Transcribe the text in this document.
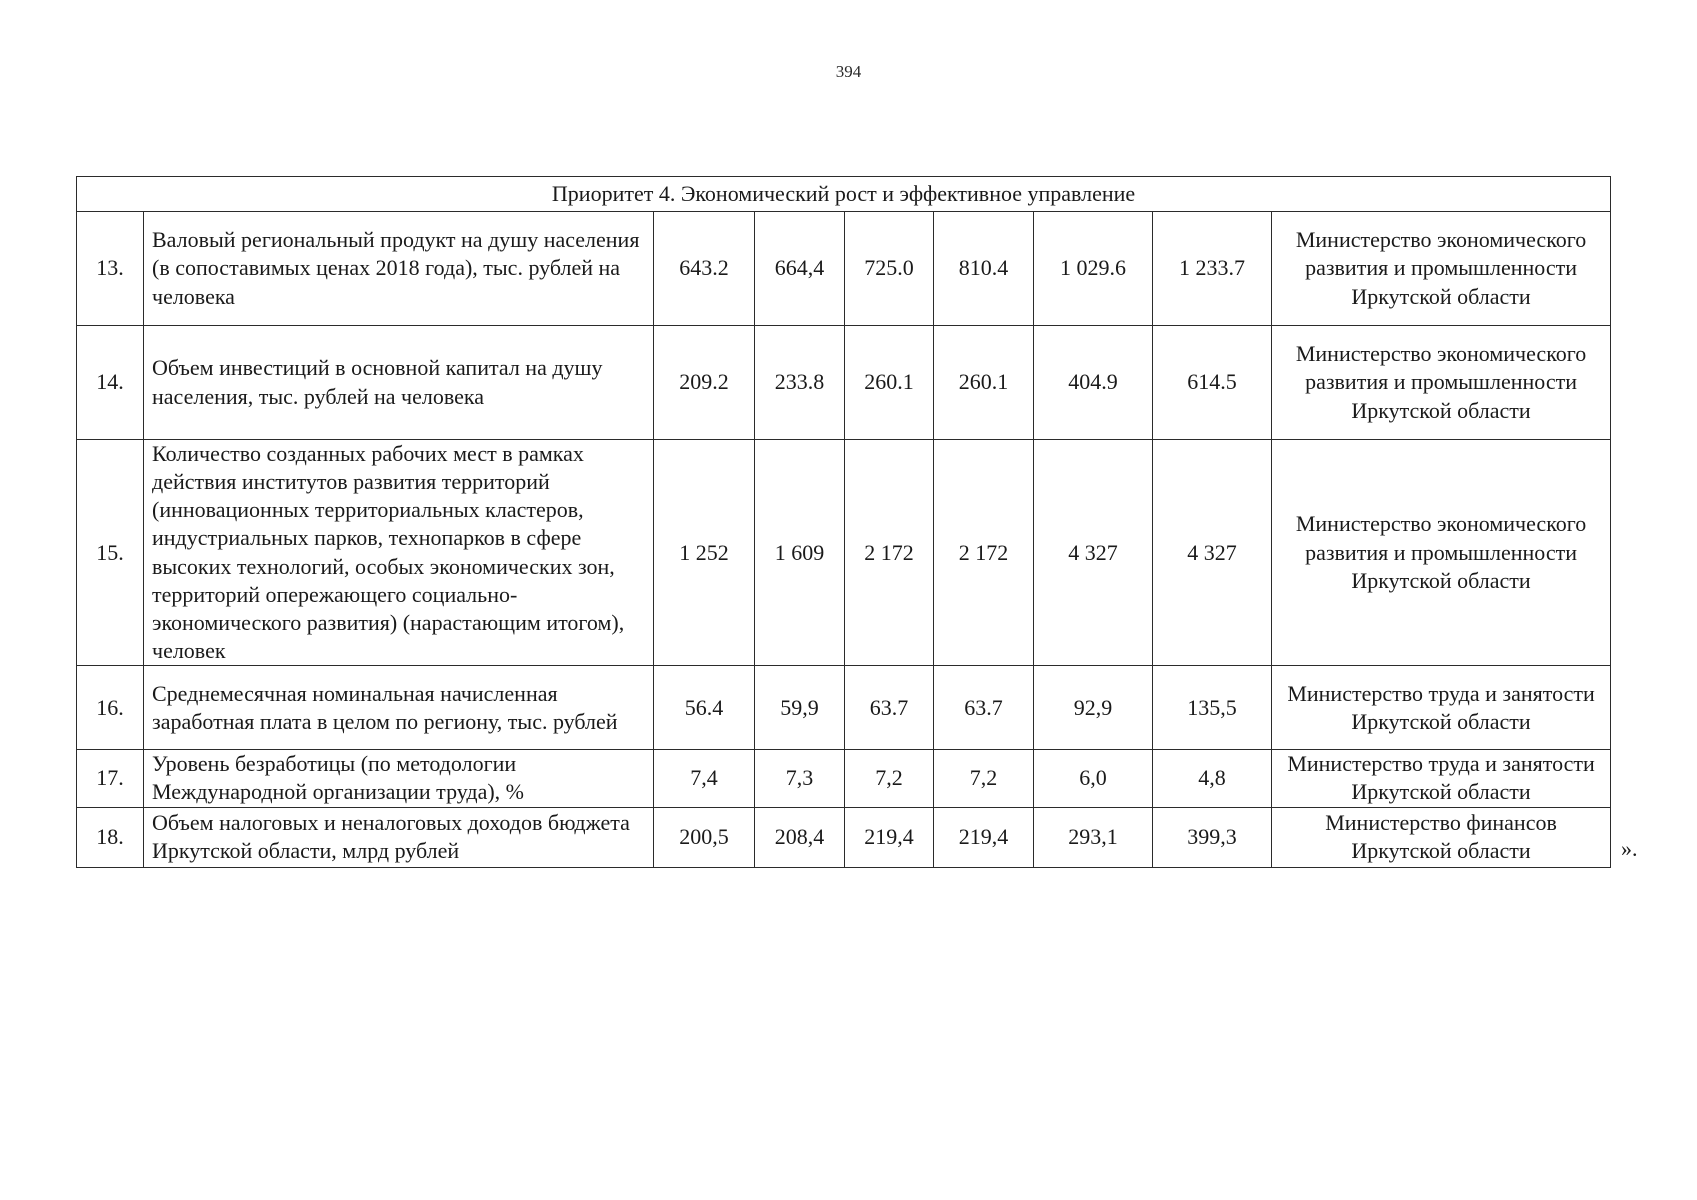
394
Приоритет 4. Экономический рост и эффективное управление								
13.	Валовый региональный продукт на душу населения (в сопоставимых ценах 2018 года), тыс. рублей на человека	643.2	664,4	725.0	810.4	1 029.6	1 233.7	Министерство экономического развития и промышленности Иркутской области
14.	Объем инвестиций в основной капитал на душу населения, тыс. рублей на человека	209.2	233.8	260.1	260.1	404.9	614.5	Министерство экономического развития и промышленности Иркутской области
15.	Количество созданных рабочих мест в рамках действия институтов развития территорий (инновационных территориальных кластеров, индустриальных парков, технопарков в сфере высоких технологий, особых экономических зон, территорий опережающего социально-экономического развития) (нарастающим итогом), человек	1 252	1 609	2 172	2 172	4 327	4 327	Министерство экономического развития и промышленности Иркутской области
16.	Среднемесячная номинальная начисленная заработная плата в целом по региону, тыс. рублей	56.4	59,9	63.7	63.7	92,9	135,5	Министерство труда и занятости Иркутской области
17.	Уровень безработицы (по методологии Международной организации труда), %	7,4	7,3	7,2	7,2	6,0	4,8	Министерство труда и занятости Иркутской области
18.	Объем налоговых и неналоговых доходов бюджета Иркутской области, млрд рублей	200,5	208,4	219,4	219,4	293,1	399,3	Министерство финансов Иркутской области	».
